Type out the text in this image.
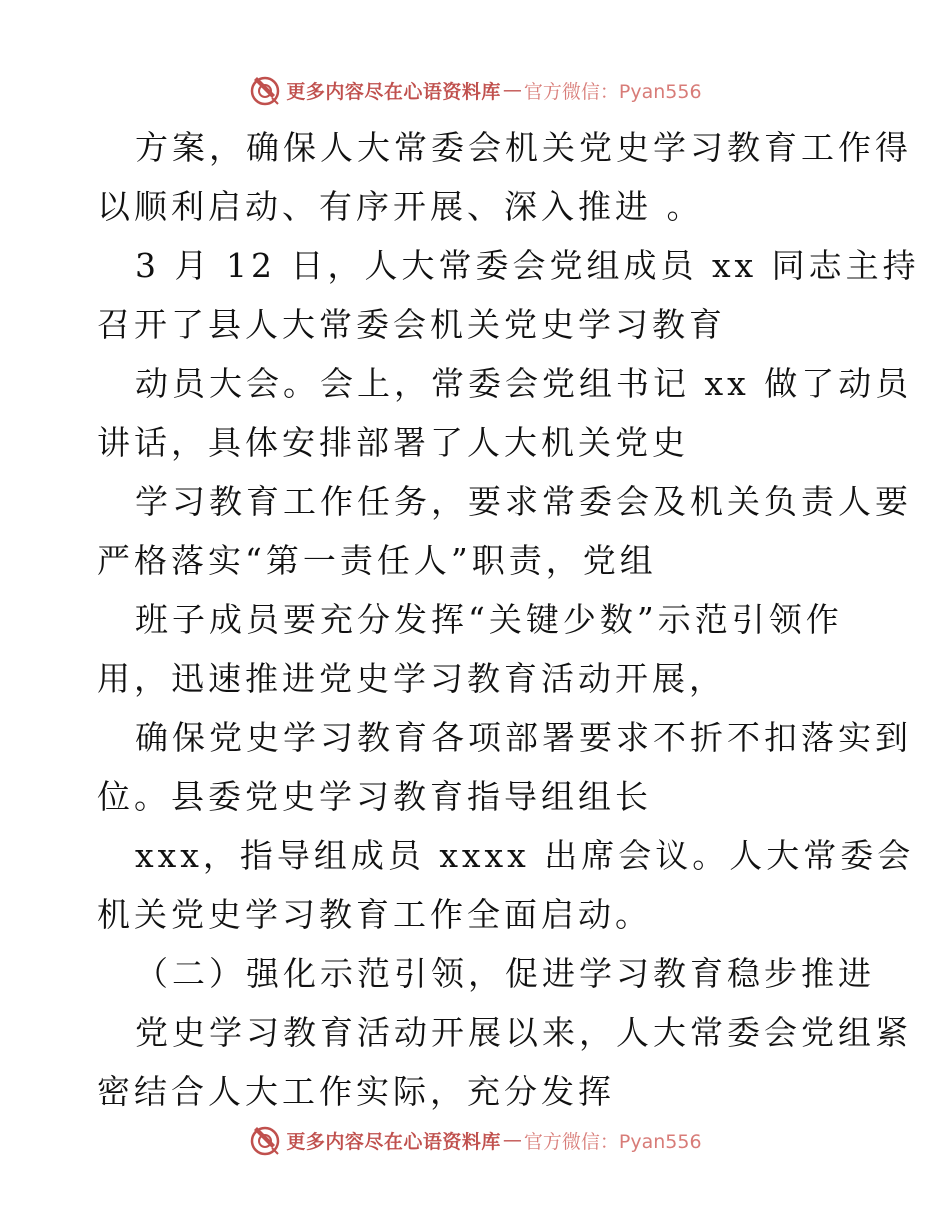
更多内容尽在心语资料库 — 官方微信：Pyan556
方案，确保人大常委会机关党史学习教育工作得
以顺利启动、有序开展、深入推进 。
3 月 12 日，人大常委会党组成员 xx 同志主持
召开了县人大常委会机关党史学习教育
动员大会。会上，常委会党组书记 xx 做了动员
讲话，具体安排部署了人大机关党史
学习教育工作任务，要求常委会及机关负责人要
严格落实“第一责任人”职责，党组
班子成员要充分发挥“关键少数”示范引领作
用，迅速推进党史学习教育活动开展，
确保党史学习教育各项部署要求不折不扣落实到
位。县委党史学习教育指导组组长
xxx，指导组成员 xxxx 出席会议。人大常委会
机关党史学习教育工作全面启动。
（二）强化示范引领，促进学习教育稳步推进
党史学习教育活动开展以来，人大常委会党组紧
密结合人大工作实际，充分发挥
更多内容尽在心语资料库 — 官方微信：Pyan556
